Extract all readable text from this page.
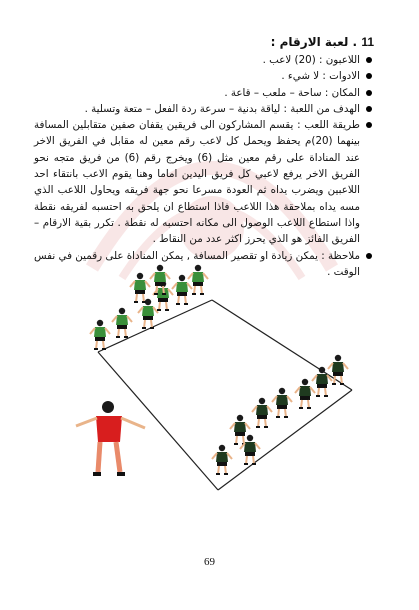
11 . لعبة الارقام :
اللاعبون : (20) لاعب .
الادوات : لا شيء .
المكان : ساحة – ملعب – قاعة .
الهدف من اللعبة : لياقة بدنية – سرعة ردة الفعل – متعة وتسلية .
طريقة اللعب : يقسم المشاركون الى فريقين يقفان صفين متقابلين المسافة بينهما (20)م يحفظ ويحمل كل لاعب رقم معين له مقابل في الفريق الاخر عند المناداة على رقم معين مثل (6) ويخرج رقم (6) من فريق متجه نحو الفريق الاخر يرفع لاعبي كل فريق اليدين اماما وهنا يقوم الاعب بانتقاء احد اللاعبين ويضرب يداه ثم العودة مسرعا نحو جهة فريقه ويحاول اللاعب الذي مسه يداه بملاحقة هذا اللاعب فاذا استطاع ان يلحق به احتسبه لفريقه نقطة واذا استطاع اللاعب الوصول الى مكانه احتسبه له نقطة . تكرر بقية الارقام – الفريق الفائز هو الذي يحرز اكثر عدد من النقاط .
ملاحظة : يمكن زيادة او تقصير المسافة , يمكن المناداة على رقمين في نفس الوقت .
69
